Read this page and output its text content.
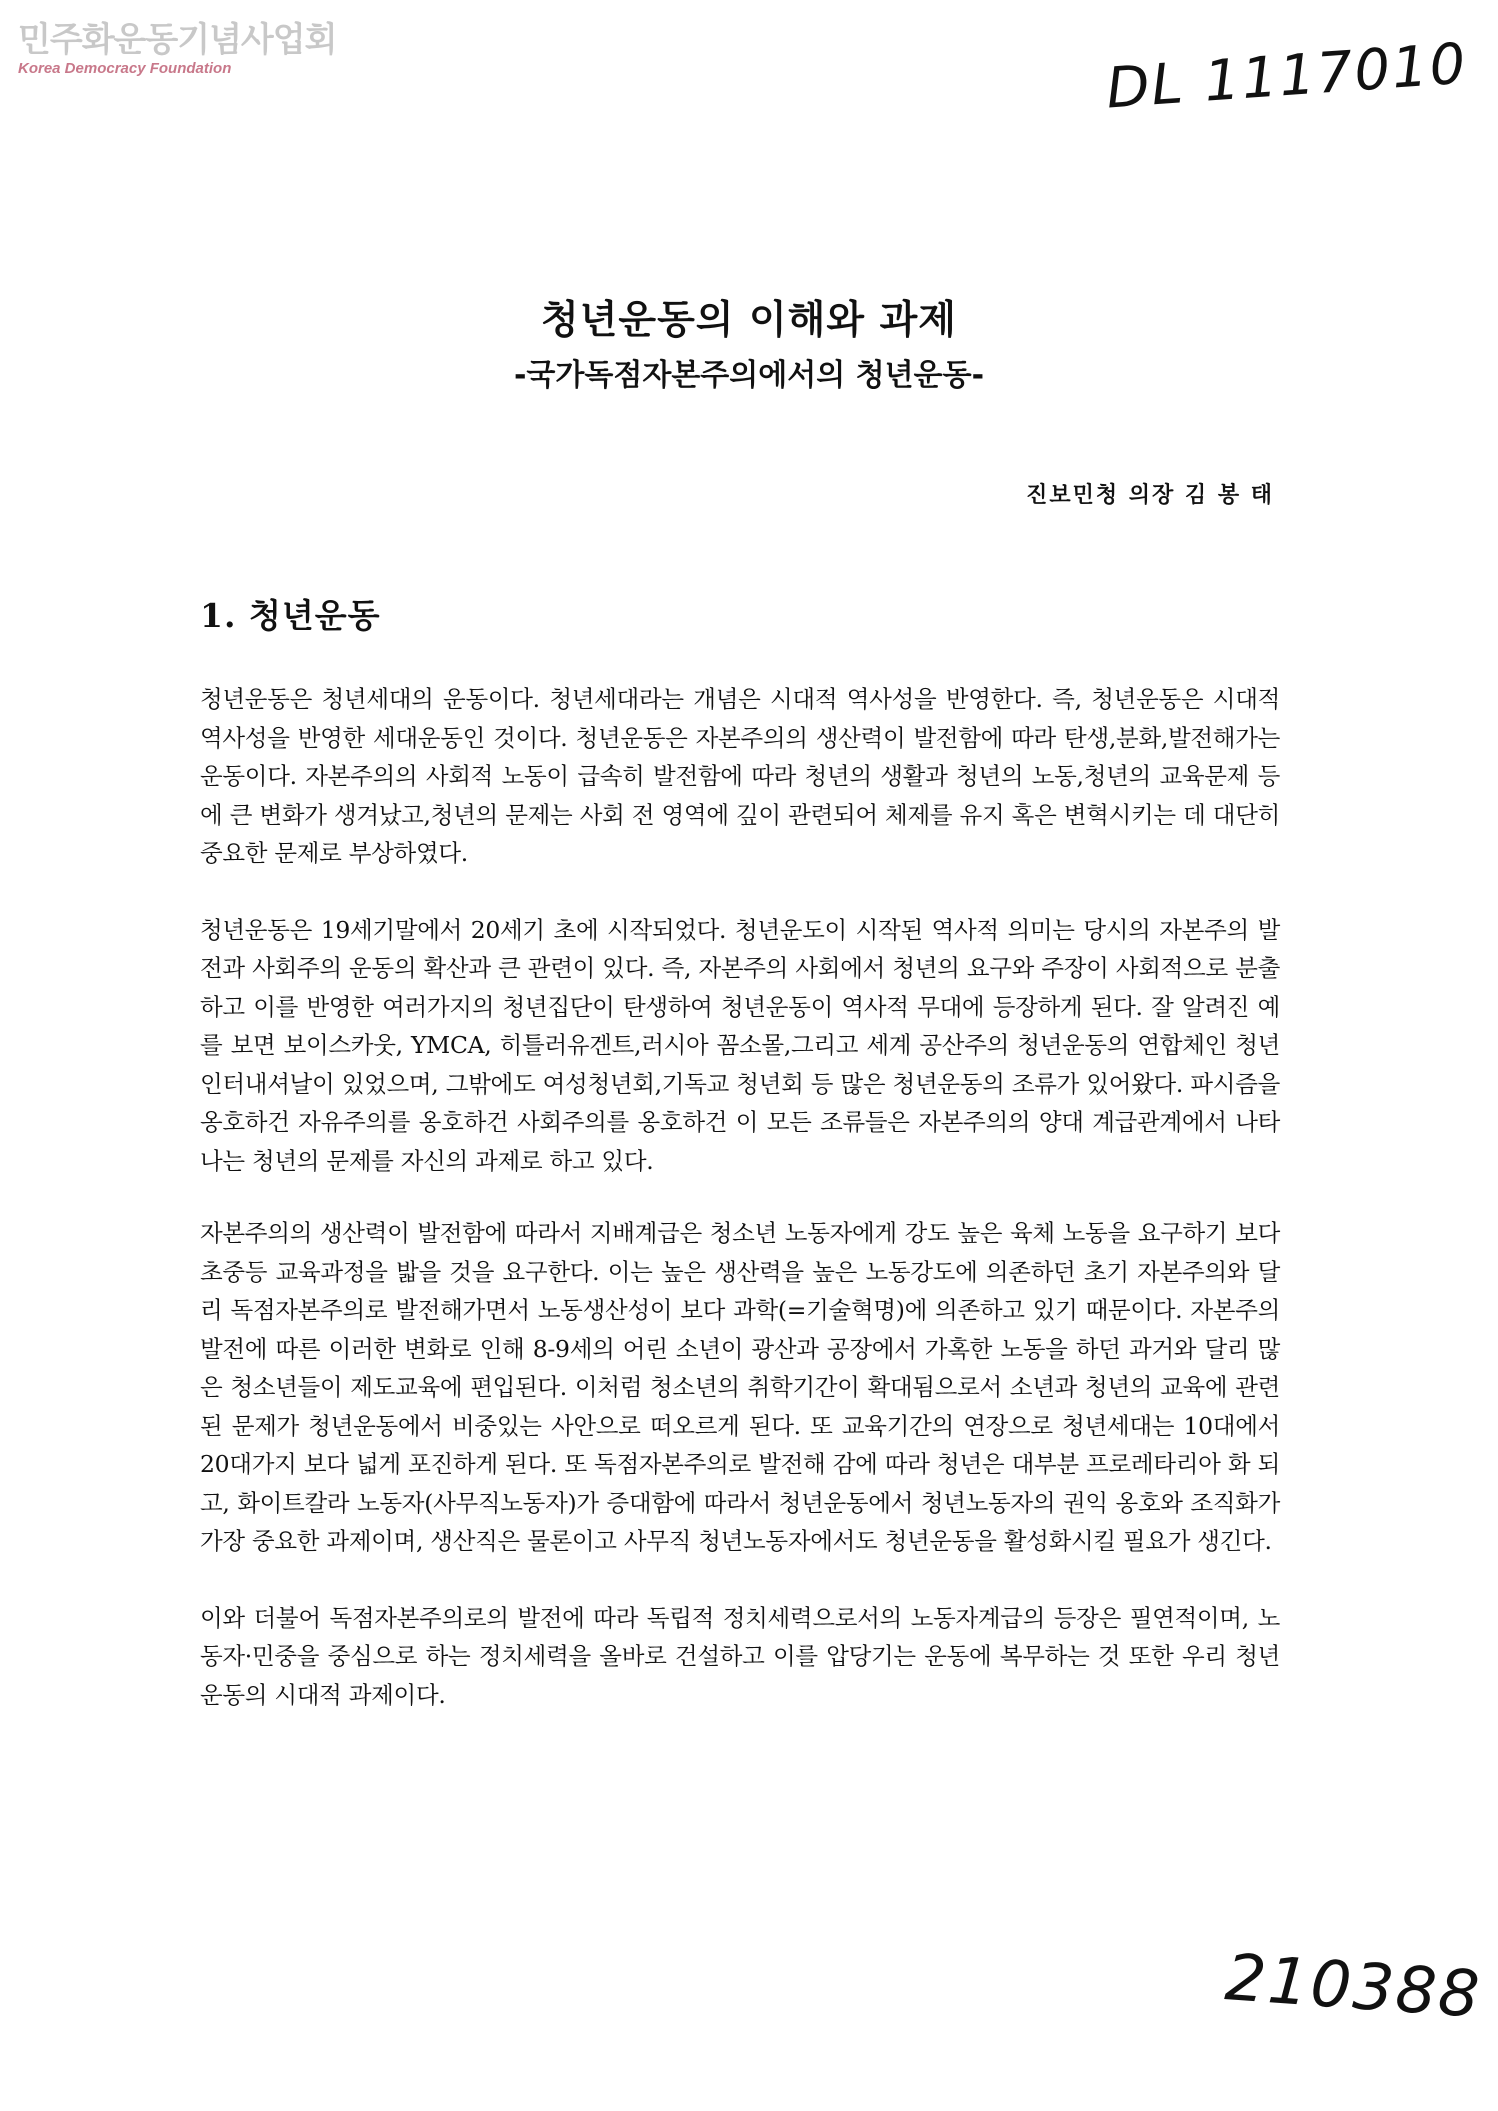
민주화운동기념사업회
Korea Democracy Foundation	DL 1117010
청년운동의 이해와 과제
-국가독점자본주의에서의 청년운동-
진보민청 의장 김 봉 태
1. 청년운동

청년운동은 청년세대의 운동이다. 청년세대라는 개념은 시대적 역사성을 반영한다. 즉, 청년운동은 시대적 역사성을 반영한 세대운동인 것이다. 청년운동은 자본주의의 생산력이 발전함에 따라 탄생,분화,발전해가는 운동이다. 자본주의의 사회적 노동이 급속히 발전함에 따라 청년의 생활과 청년의 노동,청년의 교육문제 등에 큰 변화가 생겨났고,청년의 문제는 사회 전 영역에 깊이 관련되어 체제를 유지 혹은 변혁시키는 데 대단히 중요한 문제로 부상하였다.

청년운동은 19세기말에서 20세기 초에 시작되었다. 청년운도이 시작된 역사적 의미는 당시의 자본주의 발전과 사회주의 운동의 확산과 큰 관련이 있다. 즉, 자본주의 사회에서 청년의 요구와 주장이 사회적으로 분출하고 이를 반영한 여러가지의 청년집단이 탄생하여 청년운동이 역사적 무대에 등장하게 된다. 잘 알려진 예를 보면 보이스카웃, YMCA, 히틀러유겐트,러시아 꼼소몰,그리고 세계 공산주의 청년운동의 연합체인 청년인터내셔날이 있었으며, 그밖에도 여성청년회,기독교 청년회 등 많은 청년운동의 조류가 있어왔다. 파시즘을 옹호하건 자유주의를 옹호하건 사회주의를 옹호하건 이 모든 조류들은 자본주의의 양대 계급관계에서 나타나는 청년의 문제를 자신의 과제로 하고 있다.

자본주의의 생산력이 발전함에 따라서 지배계급은 청소년 노동자에게 강도 높은 육체 노동을 요구하기 보다 초중등 교육과정을 밟을 것을 요구한다. 이는 높은 생산력을 높은 노동강도에 의존하던 초기 자본주의와 달리 독점자본주의로 발전해가면서 노동생산성이 보다 과학(=기술혁명)에 의존하고 있기 때문이다. 자본주의 발전에 따른 이러한 변화로 인해 8-9세의 어린 소년이 광산과 공장에서 가혹한 노동을 하던 과거와 달리 많은 청소년들이 제도교육에 편입된다. 이처럼 청소년의 취학기간이 확대됨으로서 소년과 청년의 교육에 관련된 문제가 청년운동에서 비중있는 사안으로 떠오르게 된다. 또 교육기간의 연장으로 청년세대는 10대에서 20대가지 보다 넓게 포진하게 된다. 또 독점자본주의로 발전해 감에 따라 청년은 대부분 프로레타리아 화 되고, 화이트칼라 노동자(사무직노동자)가 증대함에 따라서 청년운동에서 청년노동자의 권익 옹호와 조직화가 가장 중요한 과제이며, 생산직은 물론이고 사무직 청년노동자에서도 청년운동을 활성화시킬 필요가 생긴다.

이와 더불어 독점자본주의로의 발전에 따라 독립적 정치세력으로서의 노동자계급의 등장은 필연적이며, 노동자·민중을 중심으로 하는 정치세력을 올바로 건설하고 이를 압당기는 운동에 복무하는 것 또한 우리 청년운동의 시대적 과제이다.

210388
